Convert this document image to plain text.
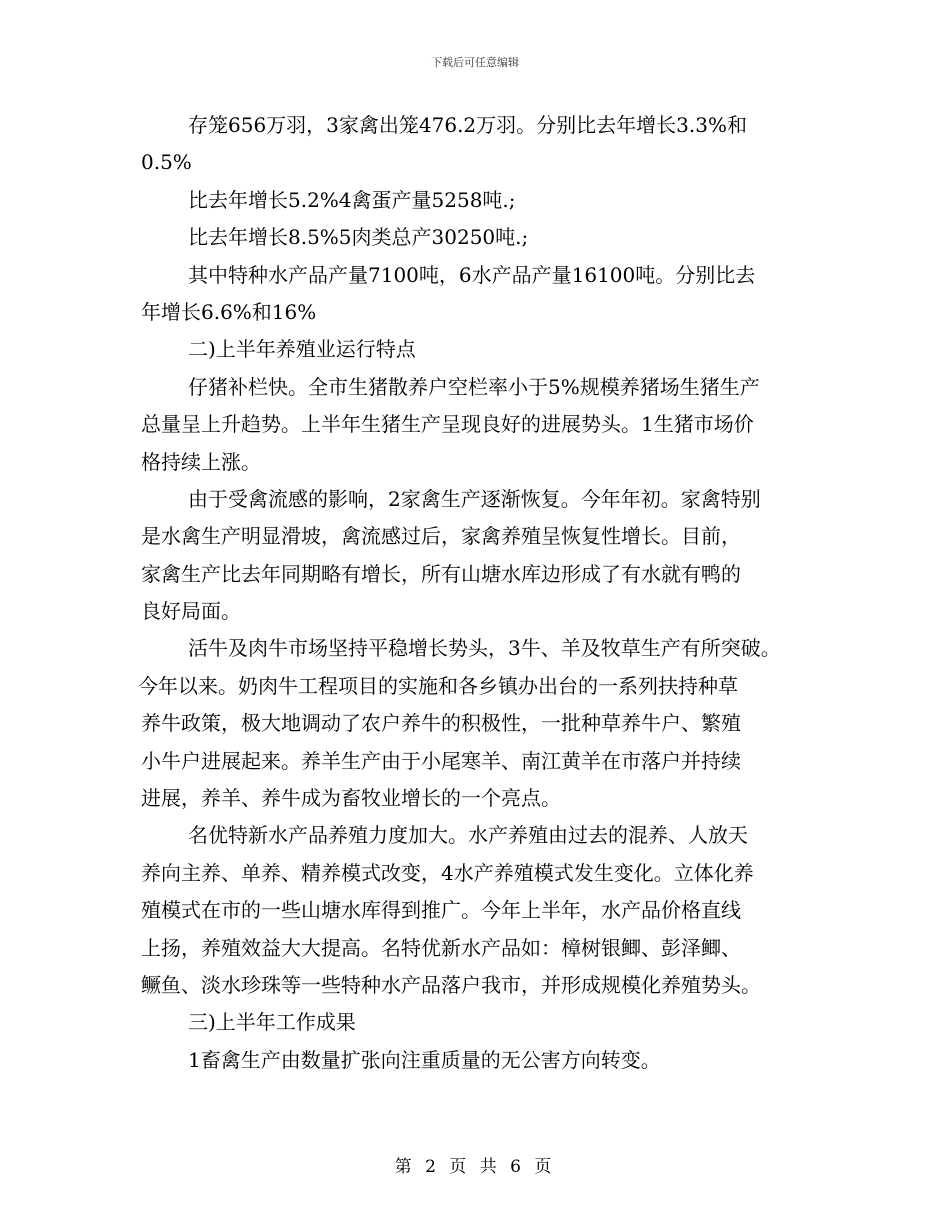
下载后可任意编辑
存笼656万羽，3家禽出笼476.2万羽。分别比去年增长3.3%和
0.5%
比去年增长5.2%4禽蛋产量5258吨.;
比去年增长8.5%5肉类总产30250吨.;
其中特种水产品产量7100吨，6水产品产量16100吨。分别比去
年增长6.6%和16%
二)上半年养殖业运行特点
仔猪补栏快。全市生猪散养户空栏率小于5%规模养猪场生猪生产
总量呈上升趋势。上半年生猪生产呈现良好的进展势头。1生猪市场价
格持续上涨。
由于受禽流感的影响，2家禽生产逐渐恢复。今年年初。家禽特别
是水禽生产明显滑坡，禽流感过后，家禽养殖呈恢复性增长。目前，
家禽生产比去年同期略有增长，所有山塘水库边形成了有水就有鸭的
良好局面。
活牛及肉牛市场坚持平稳增长势头，3牛、羊及牧草生产有所突破。
今年以来。奶肉牛工程项目的实施和各乡镇办出台的一系列扶持种草
养牛政策，极大地调动了农户养牛的积极性，一批种草养牛户、繁殖
小牛户进展起来。养羊生产由于小尾寒羊、南江黄羊在市落户并持续
进展，养羊、养牛成为畜牧业增长的一个亮点。
名优特新水产品养殖力度加大。水产养殖由过去的混养、人放天
养向主养、单养、精养模式改变，4水产养殖模式发生变化。立体化养
殖模式在市的一些山塘水库得到推广。今年上半年，水产品价格直线
上扬，养殖效益大大提高。名特优新水产品如：樟树银鲫、彭泽鲫、
鳜鱼、淡水珍珠等一些特种水产品落户我市，并形成规模化养殖势头。
三)上半年工作成果
1畜禽生产由数量扩张向注重质量的无公害方向转变。
第 2 页 共 6 页
